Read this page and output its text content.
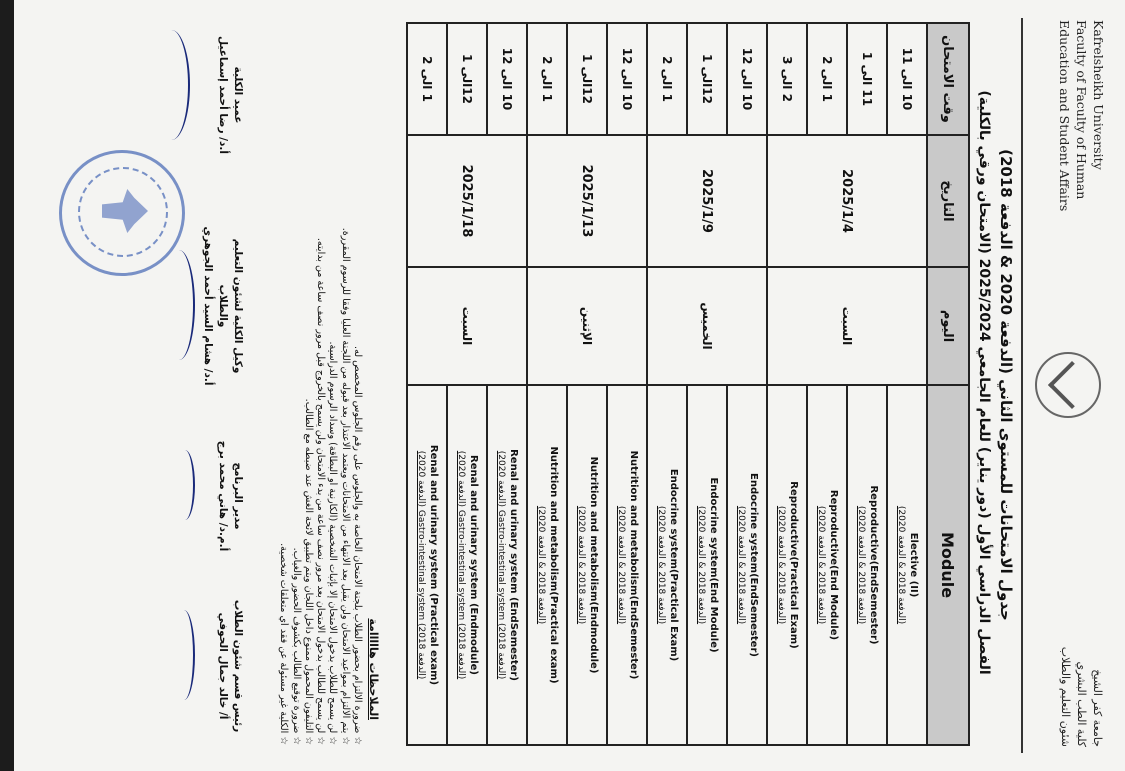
Kafrelsheikh University
Faculty of Faculty of Human
Education and Student Affairs
جامعة كفر الشيخ
كلية الطب البشري
شئون التعليم والطلاب
جدول الامتحانات للمستوى الثاني (الدفعة 2020 & الدفعة 2018)
الفصل الدراسي الأول (دور يناير) للعام الجامعي 2025/2024 (الامتحان ورقي بالكلية)
وقت الامتحان	التاريخ	اليوم	Module
10 الى 11	2025/1/4	السبت	Elective (II)
(الدفعة 2018 & الدفعة 2020)

11 الى 1			Reproductive(EndSemester)
(الدفعة 2018 & الدفعة 2020)

1 الى 2			Reproductive(End Module)
(الدفعة 2018 & الدفعة 2020)

2 الى 3			Reproductive(Practical Exam)
(الدفعة 2018 & الدفعة 2020)

10 الى 12	2025/1/9	الخميس	Endocrine system(EndSemester)
(الدفعة 2018 & الدفعة 2020)

12الى 1			Endocrine system(End Module)
(الدفعة 2018 & الدفعة 2020)

1 الى 2			Endocrine system(Practical Exam)
(الدفعة 2018 & الدفعة 2020)

10 الى 12	2025/1/13	الإثنين	Nutrition and metabolism(EndSemester)
(الدفعة 2018 & الدفعة 2020)

12الى 1			Nutrition and metabolism(Endmodule)
(الدفعة 2018 & الدفعة 2020)

1 الى 2			Nutrition and metabolism(Practical exam)
(الدفعة 2018 & الدفعة 2020)

10 الى 12	2025/1/18	السبت	Renal and urinary system (EndSemester)
(الدفعة 2020) Gastro-intestinal system (الدفعة 2018)

12الى 1			Renal and urinary system (Endmodule)
(الدفعة 2020) Gastro-intestinal system (الدفعة 2018)

1 الى 2			Renal and urinary system (Practical exam)
(الدفعة 2020) Gastro-intestinal system (الدفعة 2018)
الملاحظات هااااامة

☆ ضرورة الالتزام بحضور الطلاب بلجنة الامتحان الخاصة به والجلوس على رقم الجلوس المخصص له.

☆ يتم الالتزام بمواعيد الامتحان ولن يقبل بعد الانتهاء من الامتحانات ويعتمد الاعتذار بعد قبوله من اللجنة العليا وفقا للرسوم المقررة.

☆ لن يسمح للطلاب بدخول الامتحان إلا بإثبات الشخصية (الكارنية أو البطاقة) وسداد الرسوم الدراسية.

☆ لن يسمح للطالب بدخول الامتحان بعد مرور نصف ساعة من بدء الامتحان ولن يسمح بالخروج قبل مرور نصف ساعة من بدايته.

☆ التليفون المحمول ممنوع داخل اللجان ويتم تطبيق لائحة الغش عند ضبطه مع الطالب.

☆ ضرورة توقيع الطالب بكشوف الحضور والغياب.

☆ الكلية غير مسئولة عن فقد أي متعلقات شخصية.

رئيس قسم شئون الطلاب
أ/ خالد جمال الحوفي
مدير البرنامج
أ.م.د/ هاني محمد برج
وكيل الكلية لشئون التعليم والطلاب
أ.د/ هشام السيد أحمد الجوهري
عميد الكلية
أ.د/ رضا أحمد إسماعيل
